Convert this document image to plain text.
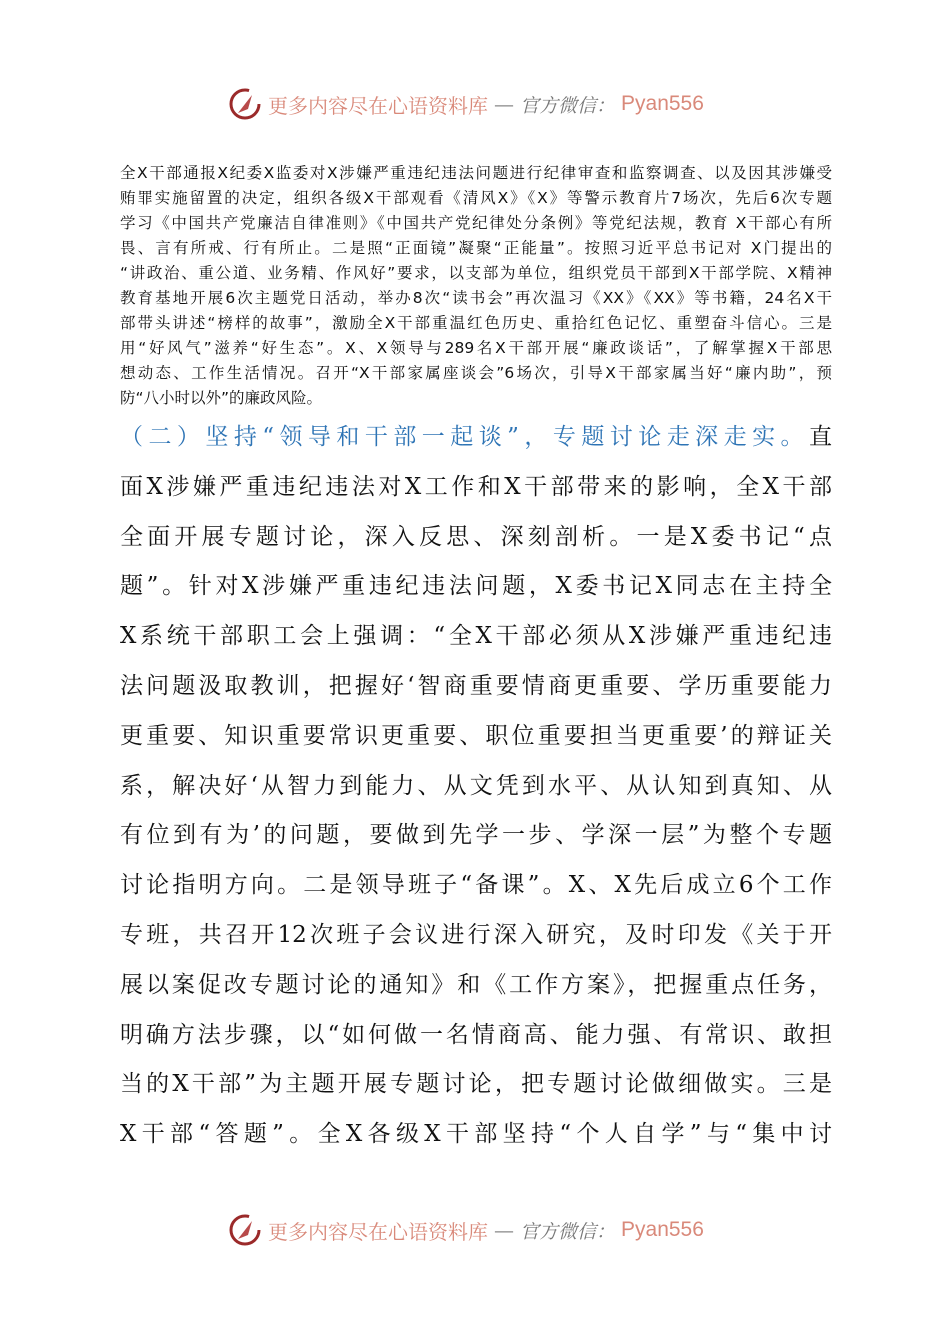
更多内容尽在心语资料库 — 官方微信： Pyan556
全X干部通报X纪委X监委对X涉嫌严重违纪违法问题进行纪律审查和监察调查、以及因其涉嫌受
贿罪实施留置的决定，组织各级X干部观看《清风X》《X》等警示教育片7场次，先后6次专题
学习《中国共产党廉洁自律准则》《中国共产党纪律处分条例》等党纪法规，教育 X干部心有所
畏、言有所戒、行有所止。二是照“正面镜”凝聚“正能量”。按照习近平总书记对 X门提出的
“讲政治、重公道、业务精、作风好”要求，以支部为单位，组织党员干部到X干部学院、X精神
教育基地开展6次主题党日活动，举办8次“读书会”再次温习《XX》《XX》等书籍，24名X干
部带头讲述“榜样的故事”，激励全X干部重温红色历史、重拾红色记忆、重塑奋斗信心。三是
用“好风气”滋养“好生态”。X、X领导与289名X干部开展“廉政谈话”，了解掌握X干部思
想动态、工作生活情况。召开“X干部家属座谈会”6场次，引导X干部家属当好“廉内助”，预
防“八小时以外”的廉政风险。
（二）坚持“领导和干部一起谈”，专题讨论走深走实。直
面X涉嫌严重违纪违法对X工作和X干部带来的影响，全X干部
全面开展专题讨论，深入反思、深刻剖析。一是X委书记“点
题”。针对X涉嫌严重违纪违法问题，X委书记X同志在主持全
X系统干部职工会上强调：“全X干部必须从X涉嫌严重违纪违
法问题汲取教训，把握好‘智商重要情商更重要、学历重要能力
更重要、知识重要常识更重要、职位重要担当更重要’的辩证关
系，解决好‘从智力到能力、从文凭到水平、从认知到真知、从
有位到有为’的问题，要做到先学一步、学深一层”为整个专题
讨论指明方向。二是领导班子“备课”。X、X先后成立6个工作
专班，共召开12次班子会议进行深入研究，及时印发《关于开
展以案促改专题讨论的通知》和《工作方案》，把握重点任务，
明确方法步骤，以“如何做一名情商高、能力强、有常识、敢担
当的X干部”为主题开展专题讨论，把专题讨论做细做实。三是
X干部“答题”。全X各级X干部坚持“个人自学”与“集中讨
更多内容尽在心语资料库 — 官方微信： Pyan556
